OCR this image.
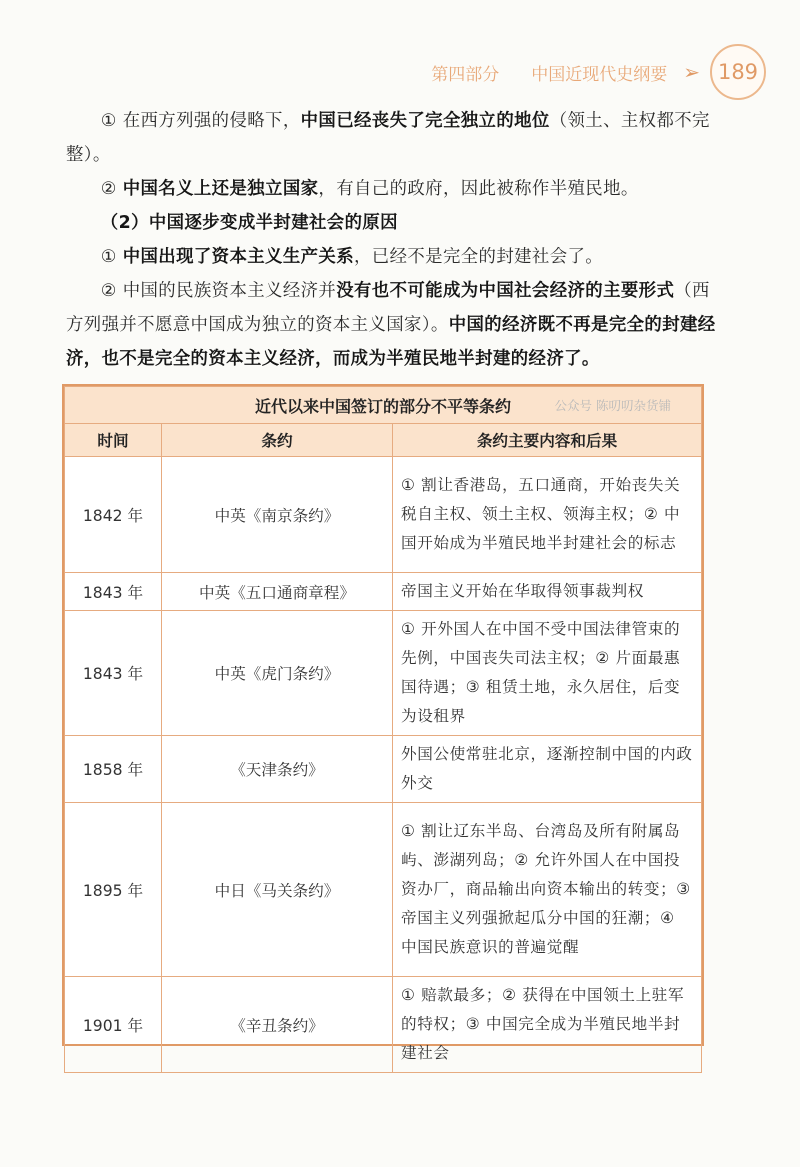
第四部分 中国近现代史纲要 ➢ 189

① 在西方列强的侵略下，中国已经丧失了完全独立的地位（领土、主权都不完整）。

② 中国名义上还是独立国家，有自己的政府，因此被称作半殖民地。

（2）中国逐步变成半封建社会的原因

① 中国出现了资本主义生产关系，已经不是完全的封建社会了。

② 中国的民族资本主义经济并没有也不可能成为中国社会经济的主要形式（西方列强并不愿意中国成为独立的资本主义国家）。中国的经济既不再是完全的封建经济，也不是完全的资本主义经济，而成为半殖民地半封建的经济了。

近代以来中国签订的部分不平等条约 公众号 陈叨叨杂货铺		

时间	条约	条约主要内容和后果
1842 年	中英《南京条约》	① 割让香港岛，五口通商，开始丧失关税自主权、领土主权、领海主权；② 中国开始成为半殖民地半封建社会的标志
1843 年	中英《五口通商章程》	帝国主义开始在华取得领事裁判权
1843 年	中英《虎门条约》	① 开外国人在中国不受中国法律管束的先例，中国丧失司法主权；② 片面最惠国待遇；③ 租赁土地，永久居住，后变为设租界
1858 年	《天津条约》	外国公使常驻北京，逐渐控制中国的内政外交
1895 年	中日《马关条约》	① 割让辽东半岛、台湾岛及所有附属岛屿、澎湖列岛；② 允许外国人在中国投资办厂，商品输出向资本输出的转变；③ 帝国主义列强掀起瓜分中国的狂潮；④ 中国民族意识的普遍觉醒
1901 年	《辛丑条约》	① 赔款最多；② 获得在中国领土上驻军的特权；③ 中国完全成为半殖民地半封建社会
